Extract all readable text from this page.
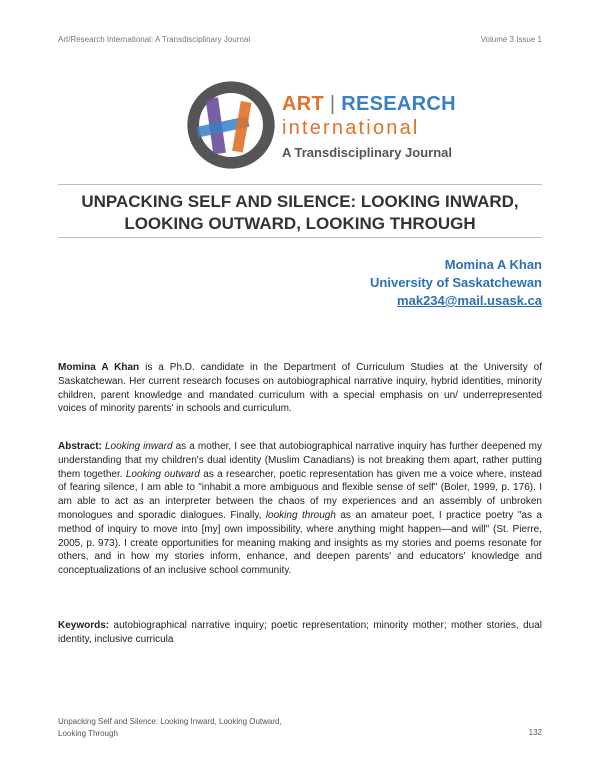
Art/Research International: A Transdisciplinary Journal	Volume 3 Issue 1
ART | RESEARCH
international
A Transdisciplinary Journal
UNPACKING SELF AND SILENCE: LOOKING INWARD,
LOOKING OUTWARD, LOOKING THROUGH
Momina A Khan
University of Saskatchewan
mak234@mail.usask.ca
Momina A Khan is a Ph.D. candidate in the Department of Curriculum Studies at the University of Saskatchewan. Her current research focuses on autobiographical narrative inquiry, hybrid identities, minority children, parent knowledge and mandated curriculum with a special emphasis on un/ underrepresented voices of minority parents' in schools and curriculum.
Abstract: Looking inward as a mother, I see that autobiographical narrative inquiry has further deepened my understanding that my children's dual identity (Muslim Canadians) is not breaking them apart, rather putting them together. Looking outward as a researcher, poetic representation has given me a voice where, instead of fearing silence, I am able to "inhabit a more ambiguous and flexible sense of self" (Boler, 1999, p. 176). I am able to act as an interpreter between the chaos of my experiences and an assembly of unbroken monologues and sporadic dialogues. Finally, looking through as an amateur poet, I practice poetry "as a method of inquiry to move into [my] own impossibility, where anything might happen—and will" (St. Pierre, 2005, p. 973). I create opportunities for meaning making and insights as my stories and poems resonate for others, and in how my stories inform, enhance, and deepen parents' and educators' knowledge and conceptualizations of an inclusive school community.
Keywords: autobiographical narrative inquiry; poetic representation; minority mother; mother stories, dual identity, inclusive curricula
Unpacking Self and Silence: Looking Inward, Looking Outward,
Looking Through	132
